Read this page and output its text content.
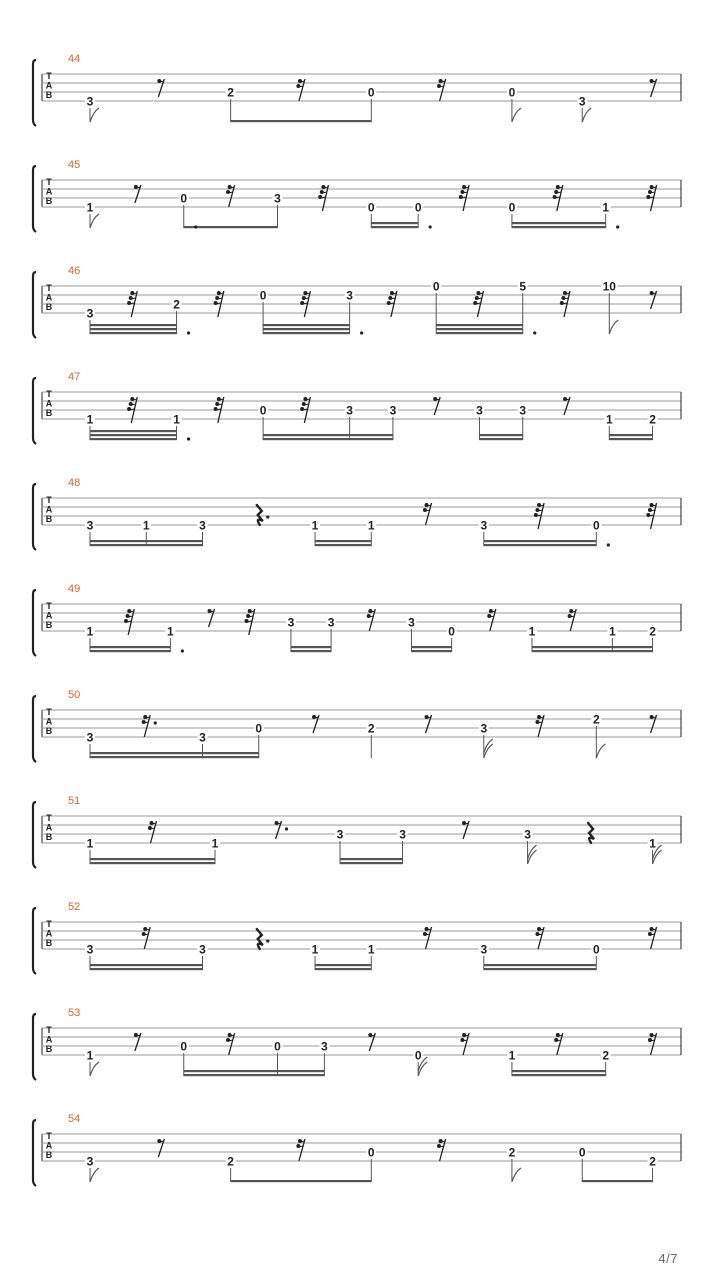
T
A
B
44
3
2	0	0
3
T
A
B
45
1
0	3
0	0	0	1
T
A
B
46
3
2
0	3
0	5	10
T
A
B
47
1	1
0	3	3	3	3
1	2
T
A
B
48
3	1	3	1	1	3	0
T
A
B
49
1	1
3	3	3
0	1	1	2
T
A
B
50
3	3
0	2	3
2
T
A
B
51
1	1
3	3	3
1
T
A
B
52
3	3	1	1	3	0
T
A
B
53
1
0	0	3
0	1	2
T
A
B
54
3	2
0	2	0
2
4/7
